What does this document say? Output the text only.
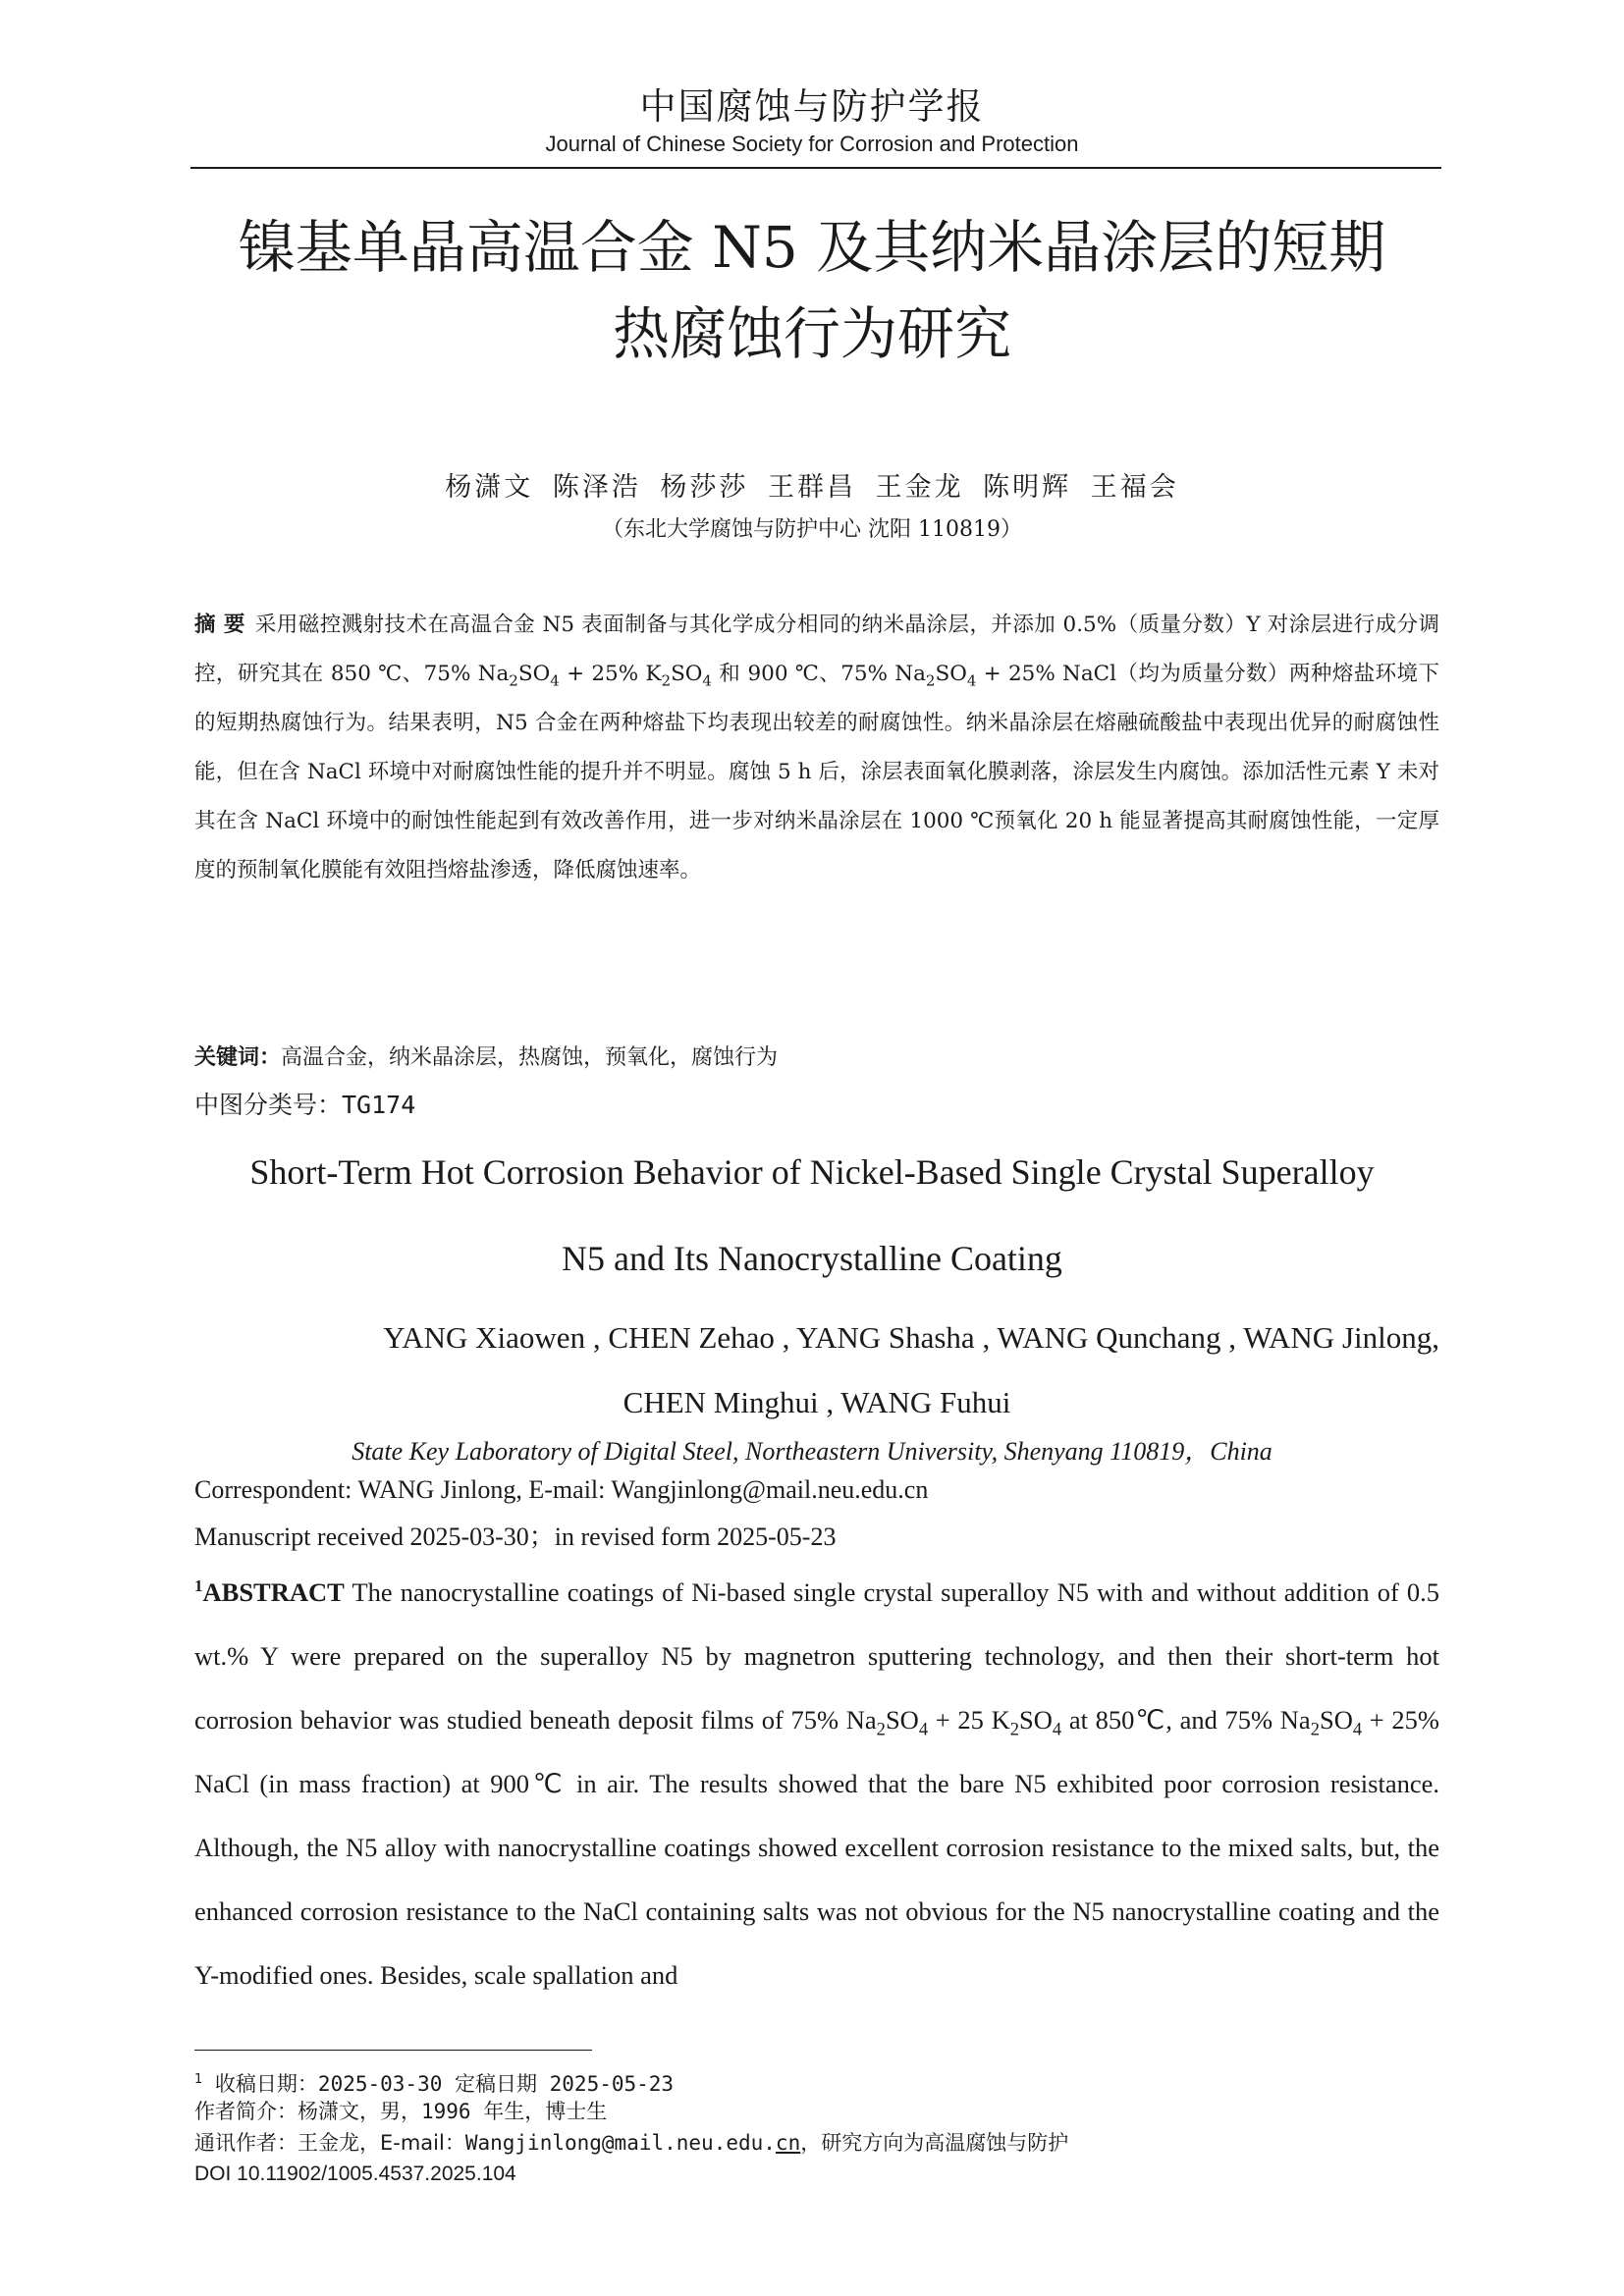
中国腐蚀与防护学报
Journal of Chinese Society for Corrosion and Protection
镍基单晶高温合金 N5 及其纳米晶涂层的短期
热腐蚀行为研究
杨潇文 陈泽浩 杨莎莎 王群昌 王金龙 陈明辉 王福会
（东北大学腐蚀与防护中心 沈阳 110819）
摘 要 采用磁控溅射技术在高温合金 N5 表面制备与其化学成分相同的纳米晶涂层，并添加 0.5%（质量分数）Y 对涂层进行成分调控，研究其在 850 ℃、75% $Na_2SO_4 + 25\%$ $K_2SO_4$ 和 900 ℃、75% $Na_2SO_4 + 25\%$ NaCl（均为质量分数）两种熔盐环境下的短期热腐蚀行为。结果表明，N5 合金在两种熔盐下均表现出较差的耐腐蚀性。纳米晶涂层在熔融硫酸盐中表现出优异的耐腐蚀性能，但在含 NaCl 环境中对耐腐蚀性能的提升并不明显。腐蚀 5 h 后，涂层表面氧化膜剥落，涂层发生内腐蚀。添加活性元素 Y 未对其在含 NaCl 环境中的耐蚀性能起到有效改善作用，进一步对纳米晶涂层在 1000 ℃预氧化 20 h 能显著提高其耐腐蚀性能，一定厚度的预制氧化膜能有效阻挡熔盐渗透，降低腐蚀速率。
关键词：高温合金，纳米晶涂层，热腐蚀，预氧化，腐蚀行为
中图分类号：TG174
Short-Term Hot Corrosion Behavior of Nickel-Based Single Crystal Superalloy
N5 and Its Nanocrystalline Coating
YANG Xiaowen , CHEN Zehao , YANG Shasha , WANG Qunchang , WANG Jinlong,
CHEN Minghui , WANG Fuhui
State Key Laboratory of Digital Steel, Northeastern University, Shenyang 110819，China
Correspondent: WANG Jinlong, E-mail: Wangjinlong@mail.neu.edu.cn
Manuscript received 2025-03-30；in revised form 2025-05-23
$^1$ABSTRACT The nanocrystalline coatings of Ni-based single crystal superalloy N5 with and without addition of 0.5 wt.% Y were prepared on the superalloy N5 by magnetron sputtering technology, and then their short-term hot corrosion behavior was studied beneath deposit films of 75% $Na_2SO_4 + 25$ $K_2SO_4$ at 850℃, and 75% $Na_2SO_4 + 25\%$ NaCl (in mass fraction) at 900℃ in air. The results showed that the bare N5 exhibited poor corrosion resistance. Although, the N5 alloy with nanocrystalline coatings showed excellent corrosion resistance to the mixed salts, but, the enhanced corrosion resistance to the NaCl containing salts was not obvious for the N5 nanocrystalline coating and the Y-modified ones. Besides, scale spallation and
$^1$ 收稿日期：2025-03-30 定稿日期 2025-05-23
作者简介：杨潇文，男，1996 年生，博士生
通讯作者：王金龙，E-mail：Wangjinlong@mail.neu.edu.cn，研究方向为高温腐蚀与防护
DOI 10.11902/1005.4537.2025.104
